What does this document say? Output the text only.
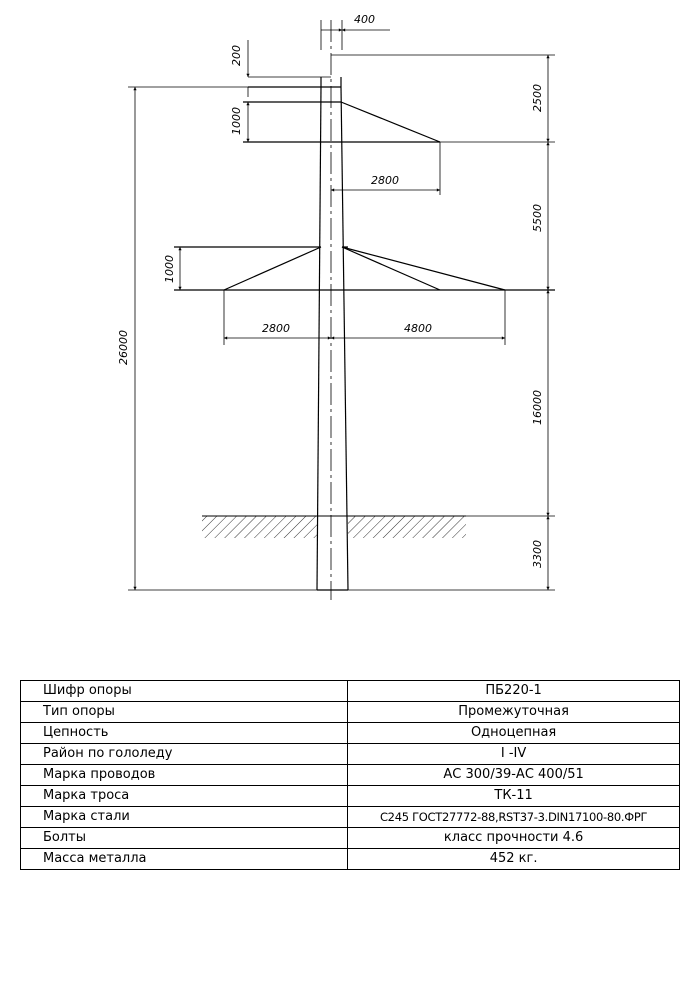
400
200
1000
2500
2800
5500
1000
2800	4800
16000
26000
3300
Шифр опоры	ПБ220-1
Тип опоры	Промежуточная
Цепность	Одноцепная
Район по гололеду	I -IV
Марка проводов	АС 300/39-АС 400/51
Марка троса	ТК-11
Марка стали	С245 ГОСТ27772-88,RST37-3.DIN17100-80.ФРГ
Болты	класс прочности 4.6
Масса металла	452 кг.
